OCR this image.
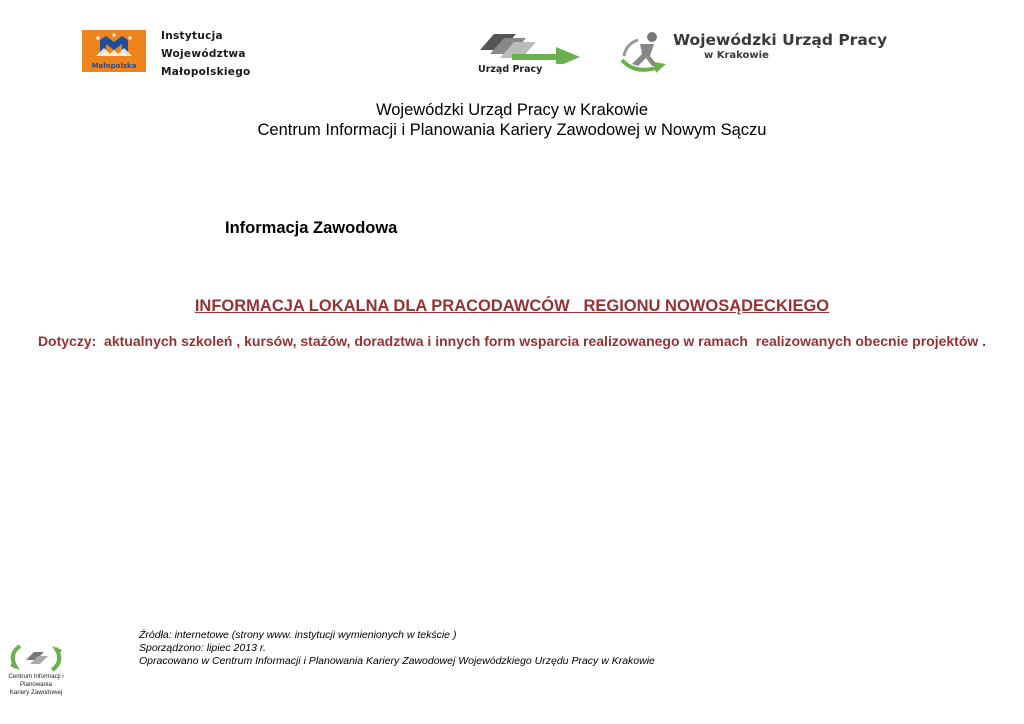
Małopolska
Instytucja
Województwa
Małopolskiego	Urząd Pracy
Wojewódzki Urząd Pracy
w Krakowie
Wojewódzki Urząd Pracy w Krakowie
Centrum Informacji i Planowania Kariery Zawodowej w Nowym Sączu
Informacja Zawodowa
INFORMACJA LOKALNA DLA PRACODAWCÓW   REGIONU NOWOSĄDECKIEGO
Dotyczy:  aktualnych szkoleń , kursów, stażów, doradztwa i innych form wsparcia realizowanego w ramach  realizowanych obecnie projektów .
Źródła: internetowe (strony www. instytucji wymienionych w tekście )
Sporządzono: lipiec 2013 r.
Opracowano w Centrum Informacji i Planowania Kariery Zawodowej Wojewódzkiego Urzędu Pracy w Krakowie
Centrum Informacji i Planowania
Kariery Zawodowej
